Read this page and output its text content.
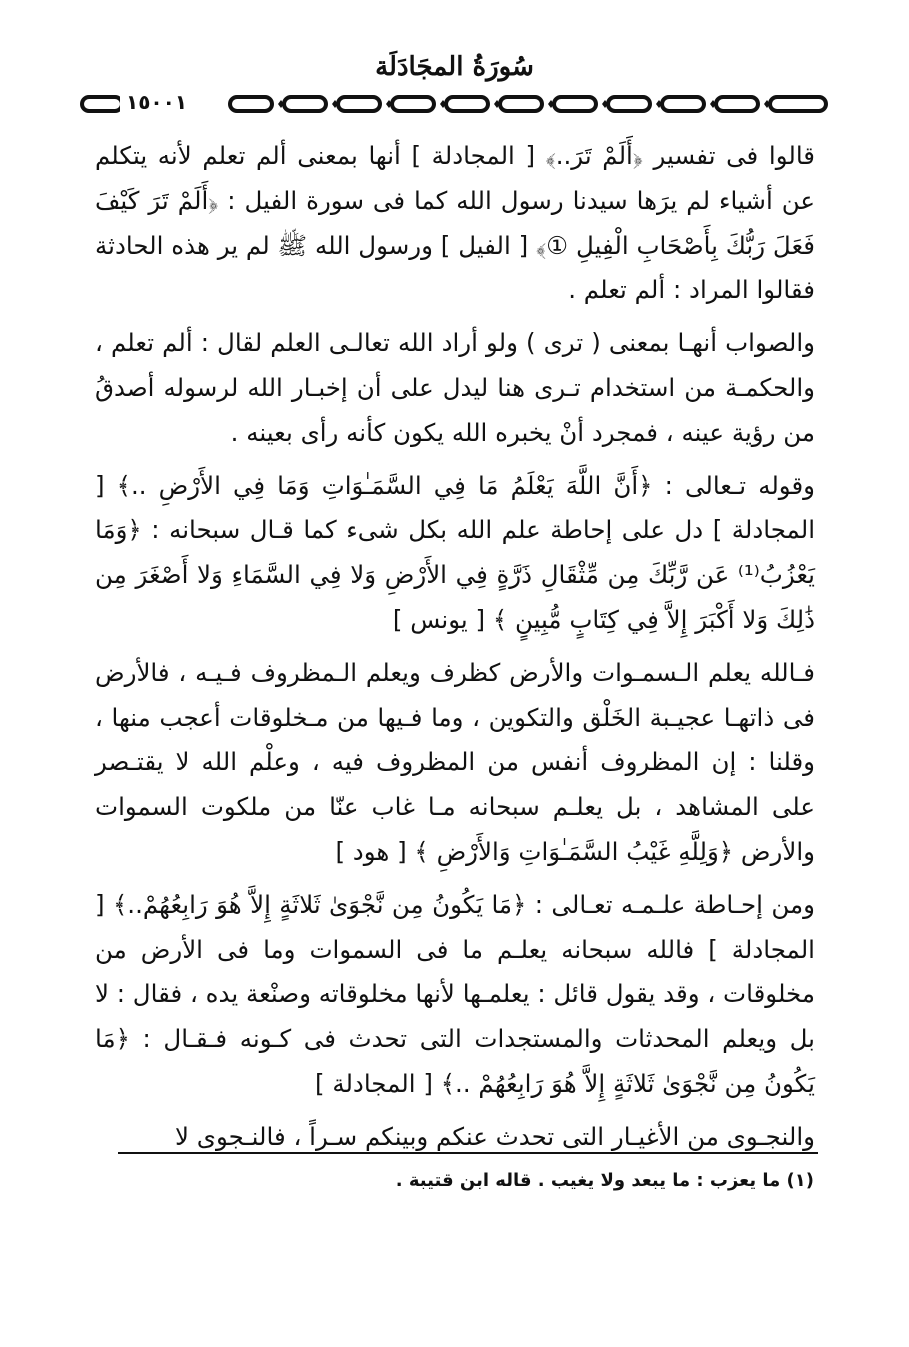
سُورَةُ المجَادَلَة
١٥٠٠١

قالوا فى تفسير ﴿أَلَمْ تَرَ..﴾ [ المجادلة ] أنها بمعنى ألم تعلم لأنه يتكلم عن أشياء لم يرَها سيدنا رسول الله كما فى سورة الفيل : ﴿أَلَمْ تَرَ كَيْفَ فَعَلَ رَبُّكَ بِأَصْحَابِ الْفِيلِ ①﴾ [ الفيل ] ورسول الله ﷺ لم ير هذه الحادثة فقالوا المراد : ألم تعلم .

والصواب أنهـا بمعنى ( ترى ) ولو أراد الله تعالـى العلم لقال : ألم تعلم ، والحكمـة من استخدام تـرى هنا ليدل على أن إخبـار الله لرسوله أصدقُ من رؤية عينه ، فمجرد أنْ يخبره الله يكون كأنه رأى بعينه .

وقوله تـعالى : ﴿أَنَّ اللَّهَ يَعْلَمُ مَا فِي السَّمَـٰوَاتِ وَمَا فِي الأَرْضِ ..﴾ [ المجادلة ] دل على إحاطة علم الله بكل شىء كما قـال سبحانه : ﴿وَمَا يَعْزُبُ⁽¹⁾ عَن رَّبِّكَ مِن مِّثْقَالِ ذَرَّةٍ فِي الأَرْضِ وَلا فِي السَّمَاءِ وَلا أَصْغَرَ مِن ذَٰلِكَ وَلا أَكْبَرَ إِلاَّ فِي كِتَابٍ مُّبِينٍ ﴾ [ يونس ]

فـالله يعلم الـسمـوات والأرض كظرف ويعلم الـمظروف فـيـه ، فالأرض فى ذاتهـا عجيـبة الخَلْق والتكوين ، وما فـيها من مـخلوقات أعجب منها ، وقلنا : إن المظروف أنفس من المظروف فيه ، وعلْم الله لا يقتـصر على المشاهد ، بل يعلـم سبحانه مـا غاب عنّا من ملكوت السموات والأرض ﴿وَلِلَّهِ غَيْبُ السَّمَـٰوَاتِ وَالأَرْضِ ﴾ [ هود ]

ومن إحـاطة علـمـه تعـالى : ﴿مَا يَكُونُ مِن نَّجْوَىٰ ثَلاثَةٍ إِلاَّ هُوَ رَابِعُهُمْ..﴾ [ المجادلة ] فالله سبحانه يعلـم ما فى السموات وما فى الأرض من مخلوقات ، وقد يقول قائل : يعلمـها لأنها مخلوقاته وصنْعة يده ، فقال : لا بل ويعلم المحدثات والمستجدات التى تحدث فى كـونه فـقـال : ﴿مَا يَكُونُ مِن نَّجْوَىٰ ثَلاثَةٍ إِلاَّ هُوَ رَابِعُهُمْ ..﴾ [ المجادلة ]

والنجـوى من الأغيـار التى تحدث عنكم وبينكم سـراً ، فالنـجوى لا

(١) ما يعزب : ما يبعد ولا يغيب . قاله ابن قتيبة .
